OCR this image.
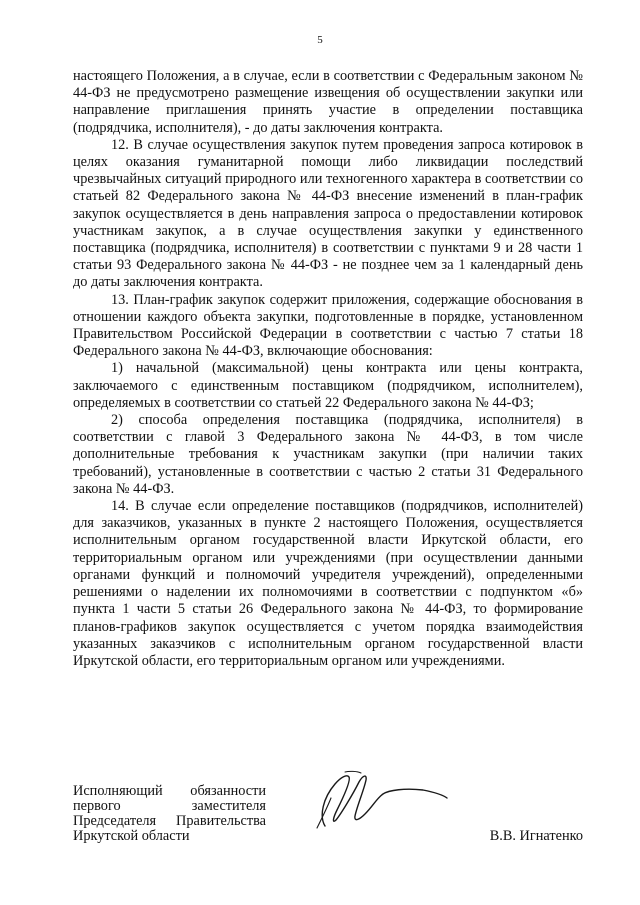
5

настоящего Положения, а в случае, если в соответствии с Федеральным законом № 44-ФЗ не предусмотрено размещение извещения об осуществлении закупки или направление приглашения принять участие в определении поставщика (подрядчика, исполнителя), - до даты заключения контракта.

12. В случае осуществления закупок путем проведения запроса котировок в целях оказания гуманитарной помощи либо ликвидации последствий чрезвычайных ситуаций природного или техногенного характера в соответствии со статьей 82 Федерального закона № 44-ФЗ внесение изменений в план-график закупок осуществляется в день направления запроса о предоставлении котировок участникам закупок, а в случае осуществления закупки у единственного поставщика (подрядчика, исполнителя) в соответствии с пунктами 9 и 28 части 1 статьи 93 Федерального закона № 44-ФЗ - не позднее чем за 1 календарный день до даты заключения контракта.

13. План-график закупок содержит приложения, содержащие обоснования в отношении каждого объекта закупки, подготовленные в порядке, установленном Правительством Российской Федерации в соответствии с частью 7 статьи 18 Федерального закона № 44-ФЗ, включающие обоснования:

1) начальной (максимальной) цены контракта или цены контракта, заключаемого с единственным поставщиком (подрядчиком, исполнителем), определяемых в соответствии со статьей 22 Федерального закона № 44-ФЗ;

2) способа определения поставщика (подрядчика, исполнителя) в соответствии с главой 3 Федерального закона № 44-ФЗ, в том числе дополнительные требования к участникам закупки (при наличии таких требований), установленные в соответствии с частью 2 статьи 31 Федерального закона № 44-ФЗ.

14. В случае если определение поставщиков (подрядчиков, исполнителей) для заказчиков, указанных в пункте 2 настоящего Положения, осуществляется исполнительным органом государственной власти Иркутской области, его территориальным органом или учреждениями (при осуществлении данными органами функций и полномочий учредителя учреждений), определенными решениями о наделении их полномочиями в соответствии с подпунктом «б» пункта 1 части 5 статьи 26 Федерального закона № 44-ФЗ, то формирование планов-графиков закупок осуществляется с учетом порядка взаимодействия указанных заказчиков с исполнительным органом государственной власти Иркутской области, его территориальным органом или учреждениями.

Исполняющий обязанности
первого заместителя
Председателя Правительства
Иркутской области	В.В. Игнатенко
